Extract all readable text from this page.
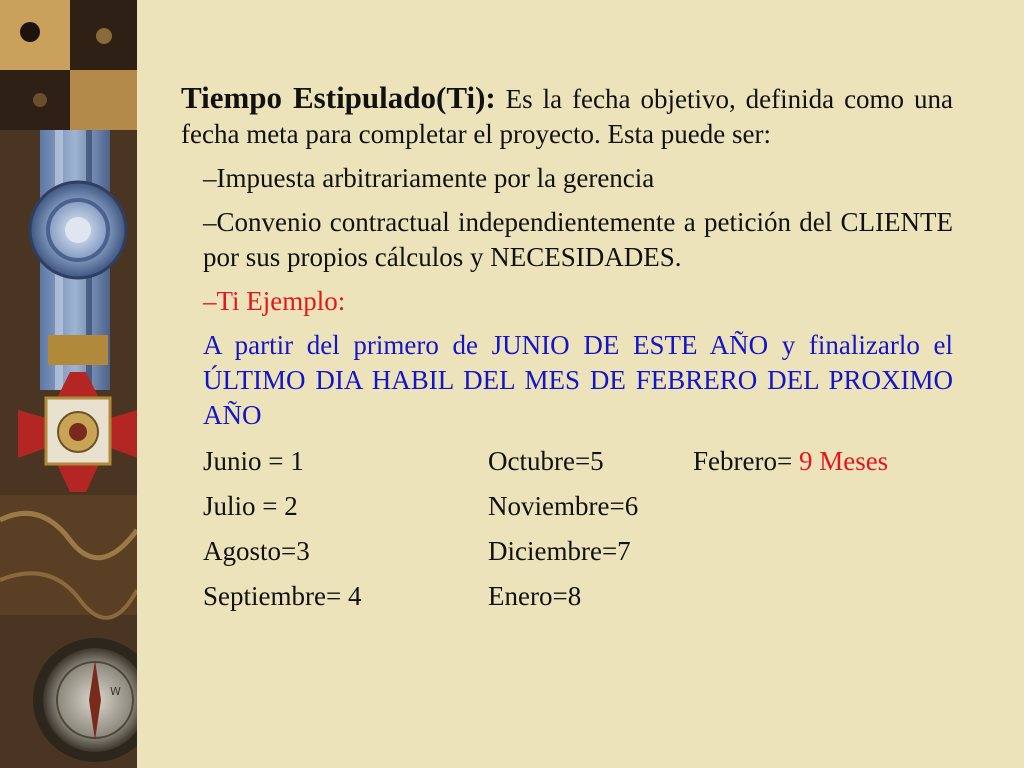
W

Tiempo Estipulado(Ti): Es la fecha objetivo, definida como una fecha meta para completar el proyecto. Esta puede ser:

–Impuesta arbitrariamente por la gerencia

–Convenio contractual independientemente a petición del CLIENTE por sus propios cálculos y NECESIDADES.

–Ti Ejemplo:

A partir del primero de JUNIO DE ESTE AÑO y finalizarlo el ÚLTIMO DIA HABIL DEL MES DE FEBRERO DEL PROXIMO AÑO

Junio = 1	Octubre=5	Febrero= 9 Meses
Julio = 2	Noviembre=6
Agosto=3	Diciembre=7
Septiembre= 4	Enero=8
